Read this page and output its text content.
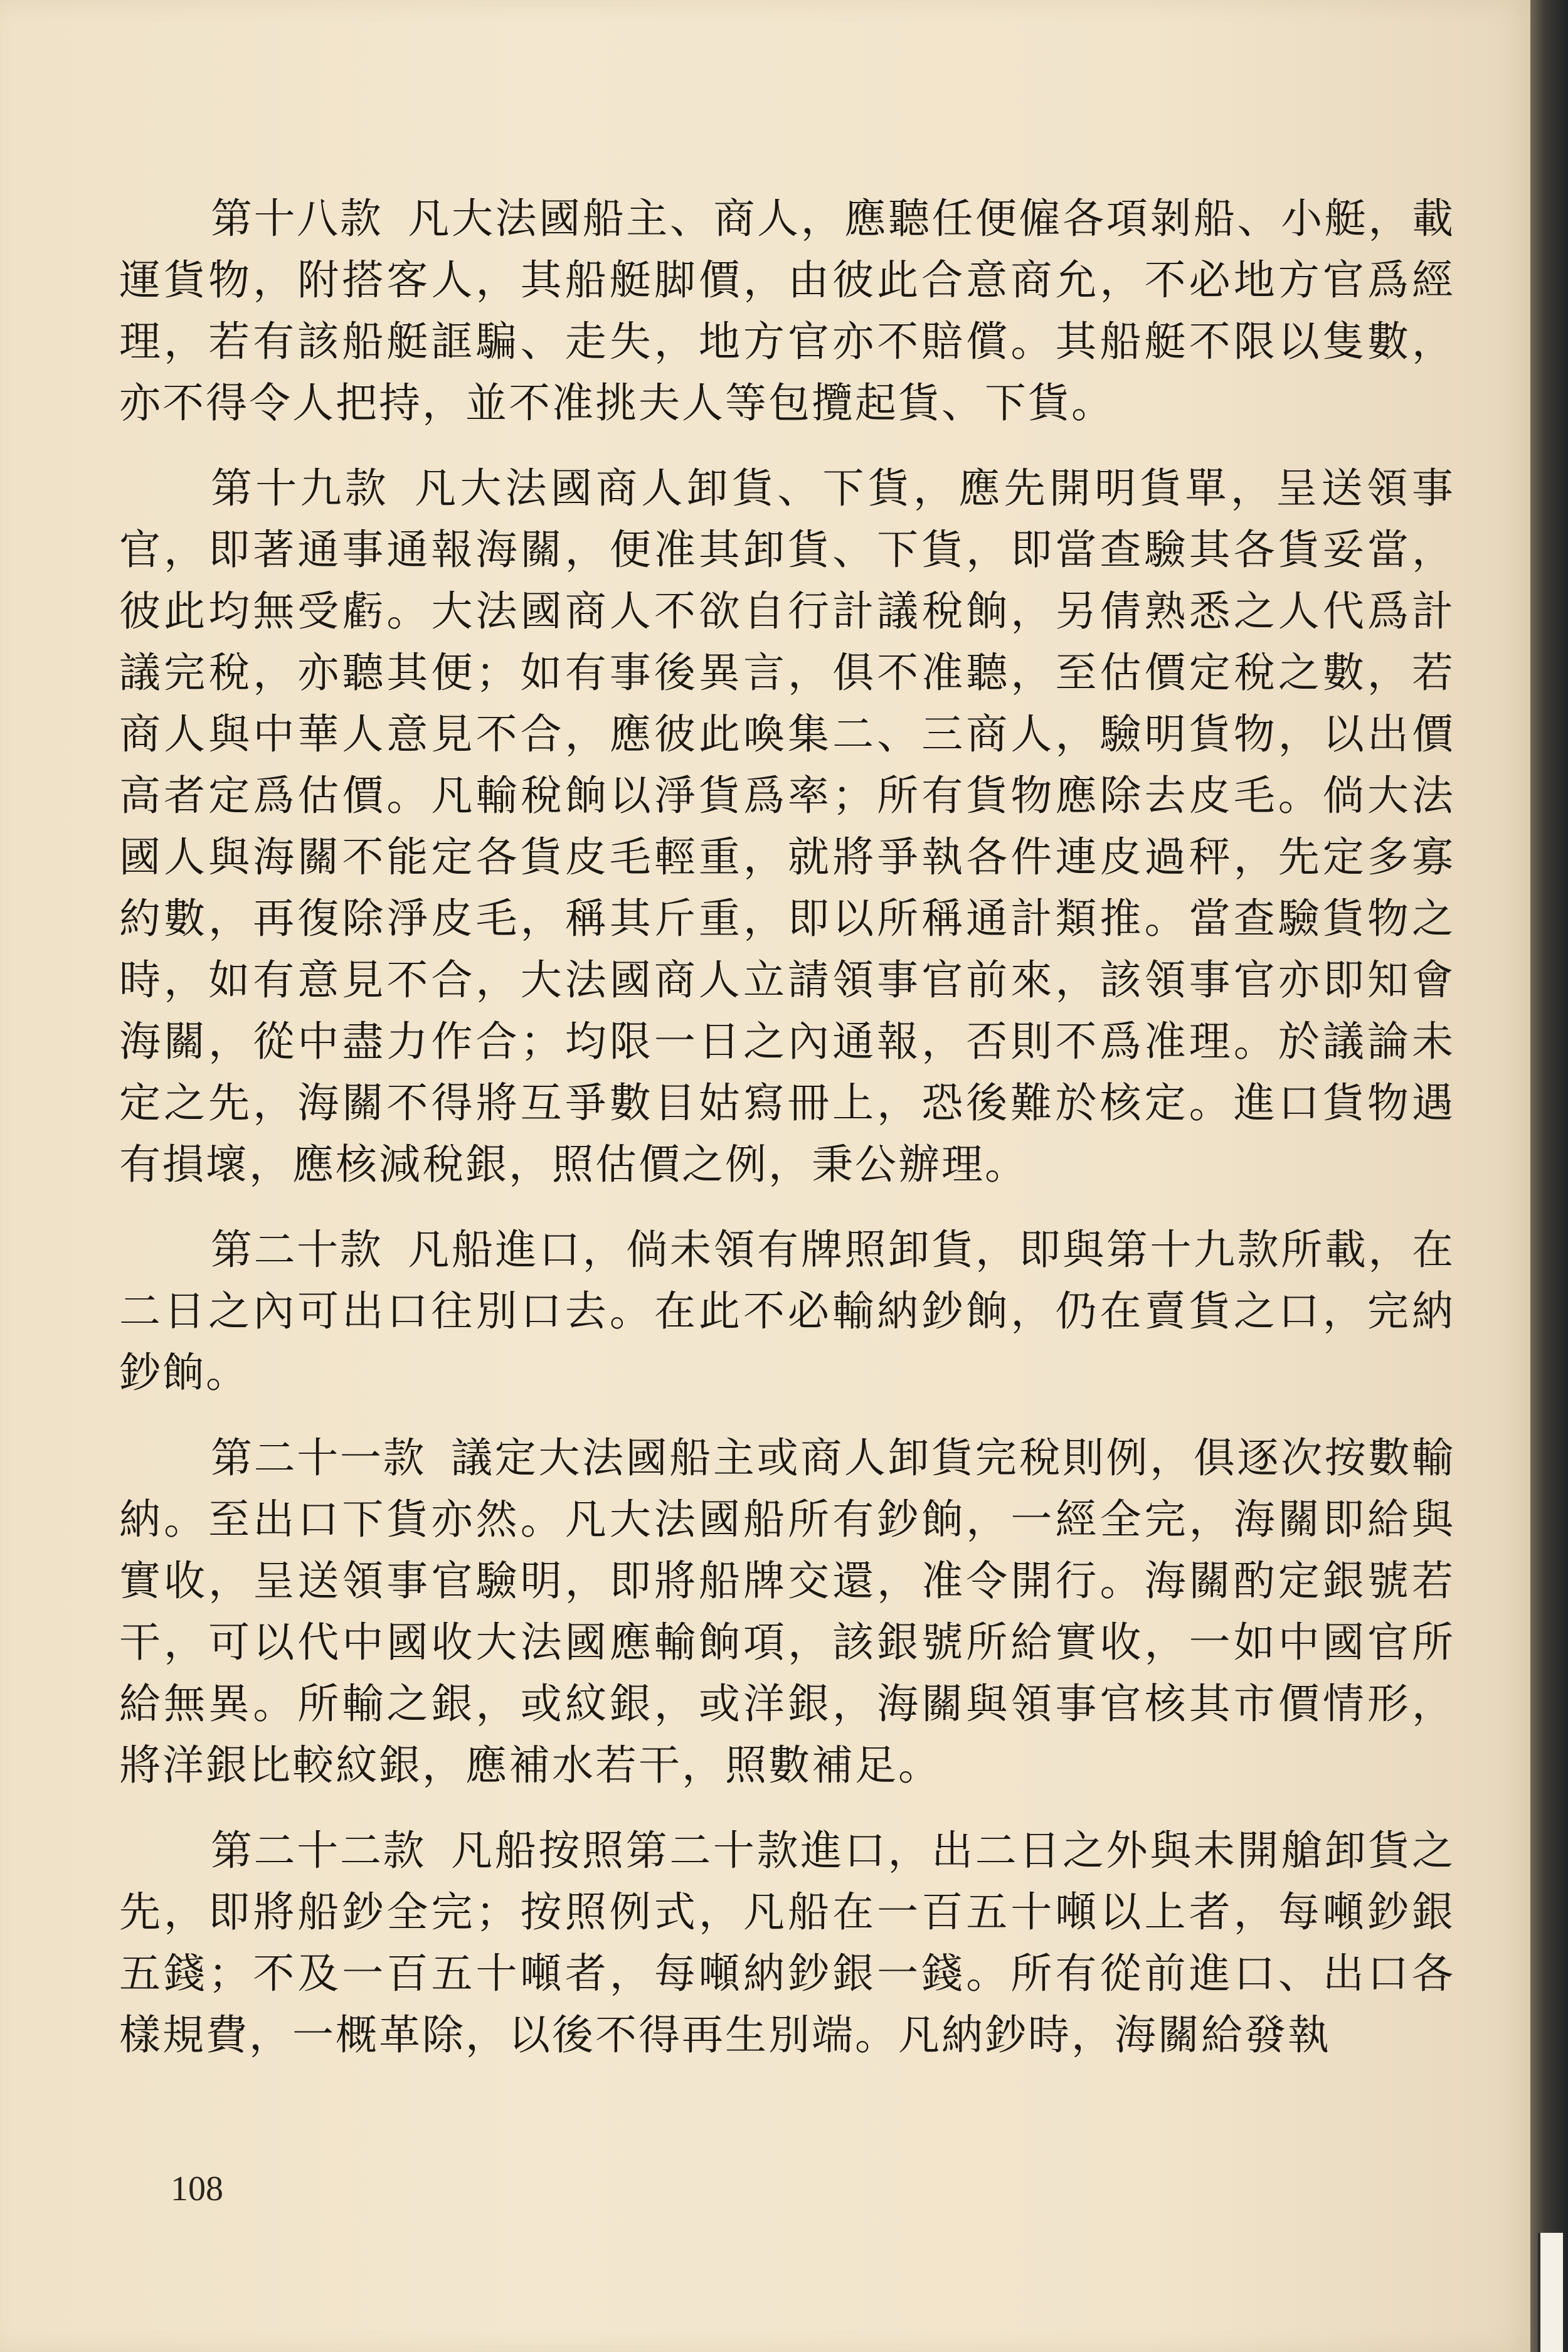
第十八款 凡大法國船主、商人，應聽任便僱各項剝船、小艇，載運貨物，附搭客人，其船艇脚價，由彼此合意商允，不必地方官爲經理，若有該船艇誆騙、走失，地方官亦不賠償。其船艇不限以隻數，亦不得令人把持，並不准挑夫人等包攬起貨、下貨。

第十九款 凡大法國商人卸貨、下貨，應先開明貨單，呈送領事官，即著通事通報海關，便准其卸貨、下貨，即當查驗其各貨妥當，彼此均無受虧。大法國商人不欲自行計議稅餉，另倩熟悉之人代爲計議完稅，亦聽其便；如有事後異言，俱不准聽，至估價定稅之數，若商人與中華人意見不合，應彼此喚集二、三商人，驗明貨物，以出價高者定爲估價。凡輸稅餉以淨貨爲率；所有貨物應除去皮毛。倘大法國人與海關不能定各貨皮毛輕重，就將爭執各件連皮過秤，先定多寡約數，再復除淨皮毛，稱其斤重，即以所稱通計類推。當查驗貨物之時，如有意見不合，大法國商人立請領事官前來，該領事官亦即知會海關，從中盡力作合；均限一日之內通報，否則不爲准理。於議論未定之先，海關不得將互爭數目姑寫冊上，恐後難於核定。進口貨物遇有損壞，應核減稅銀，照估價之例，秉公辦理。

第二十款 凡船進口，倘未領有牌照卸貨，即與第十九款所載，在二日之內可出口往別口去。在此不必輸納鈔餉，仍在賣貨之口，完納鈔餉。

第二十一款 議定大法國船主或商人卸貨完稅則例，俱逐次按數輸納。至出口下貨亦然。凡大法國船所有鈔餉，一經全完，海關即給與實收，呈送領事官驗明，即將船牌交還，准令開行。海關酌定銀號若干，可以代中國收大法國應輸餉項，該銀號所給實收，一如中國官所給無異。所輸之銀，或紋銀，或洋銀，海關與領事官核其市價情形，將洋銀比較紋銀，應補水若干，照數補足。

第二十二款 凡船按照第二十款進口，出二日之外與未開艙卸貨之先，即將船鈔全完；按照例式，凡船在一百五十噸以上者，每噸鈔銀五錢；不及一百五十噸者，每噸納鈔銀一錢。所有從前進口、出口各樣規費，一概革除，以後不得再生別端。凡納鈔時，海關給發執

108
